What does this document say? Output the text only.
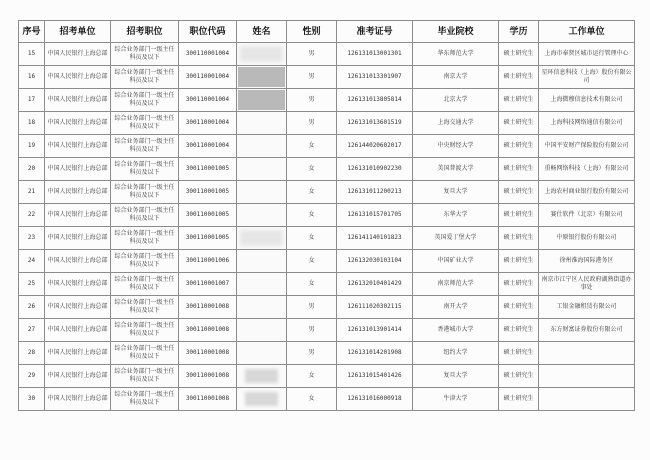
序号	招考单位	招考职位	职位代码	姓名	性别	准考证号	毕业院校	学历	工作单位
15	中国人民银行上海总部	综合业务部门一级主任科员及以下	300110001004		男	126131013001301	华东师范大学	硕士研究生	上海市奉贤区城市运行管理中心
16	中国人民银行上海总部	综合业务部门一级主任科员及以下	300110001004		男	126131013301907	南京大学	硕士研究生	星环信息科技（上海）股份有限公司
17	中国人民银行上海总部	综合业务部门一级主任科员及以下	300110001004		男	126131013805814	北京大学	硕士研究生	上海微穆信息技术有限公司
18	中国人民银行上海总部	综合业务部门一级主任科员及以下	300110001004		男	126131013601519	上海交通大学	硕士研究生	上海科技网络通信有限公司
19	中国人民银行上海总部	综合业务部门一级主任科员及以下	300110001004		女	126144020602017	中央财经大学	硕士研究生	中国平安财产保险股份有限公司
20	中国人民银行上海总部	综合业务部门一级主任科员及以下	300110001005		女	126131010902230	美国普渡大学	硕士研究生	重畅网络科技（上海）有限公司
21	中国人民银行上海总部	综合业务部门一级主任科员及以下	300110001005		女	126131011200213	复旦大学	硕士研究生	上海农村商业银行股份有限公司
22	中国人民银行上海总部	综合业务部门一级主任科员及以下	300110001005		女	126131015701705	东华大学	硕士研究生	赛仕软件（北京）有限公司
23	中国人民银行上海总部	综合业务部门一级主任科员及以下	300110001005		女	126141140101823	英国爱丁堡大学	硕士研究生	中原银行股份有限公司
24	中国人民银行上海总部	综合业务部门一级主任科员及以下	300110001006		女	126132030103104	中国矿业大学	硕士研究生	徐州淮海国际港务区
25	中国人民银行上海总部	综合业务部门一级主任科员及以下	300110001007		女	126132010401429	南京师范大学	硕士研究生	南京市江宁区人民政府湖熟街道办事处
26	中国人民银行上海总部	综合业务部门一级主任科员及以下	300110001008		男	126111020302115	南开大学	硕士研究生	工银金融租赁有限公司
27	中国人民银行上海总部	综合业务部门一级主任科员及以下	300110001008		男	126131013901414	香港城市大学	硕士研究生	东方财富证券股份有限公司
28	中国人民银行上海总部	综合业务部门一级主任科员及以下	300110001008		男	126131014201908	纽约大学	硕士研究生	
29	中国人民银行上海总部	综合业务部门一级主任科员及以下	300110001008		女	126131015401426	复旦大学	硕士研究生	
30	中国人民银行上海总部	综合业务部门一级主任科员及以下	300110001008		女	126131016000918	牛津大学	硕士研究生	
